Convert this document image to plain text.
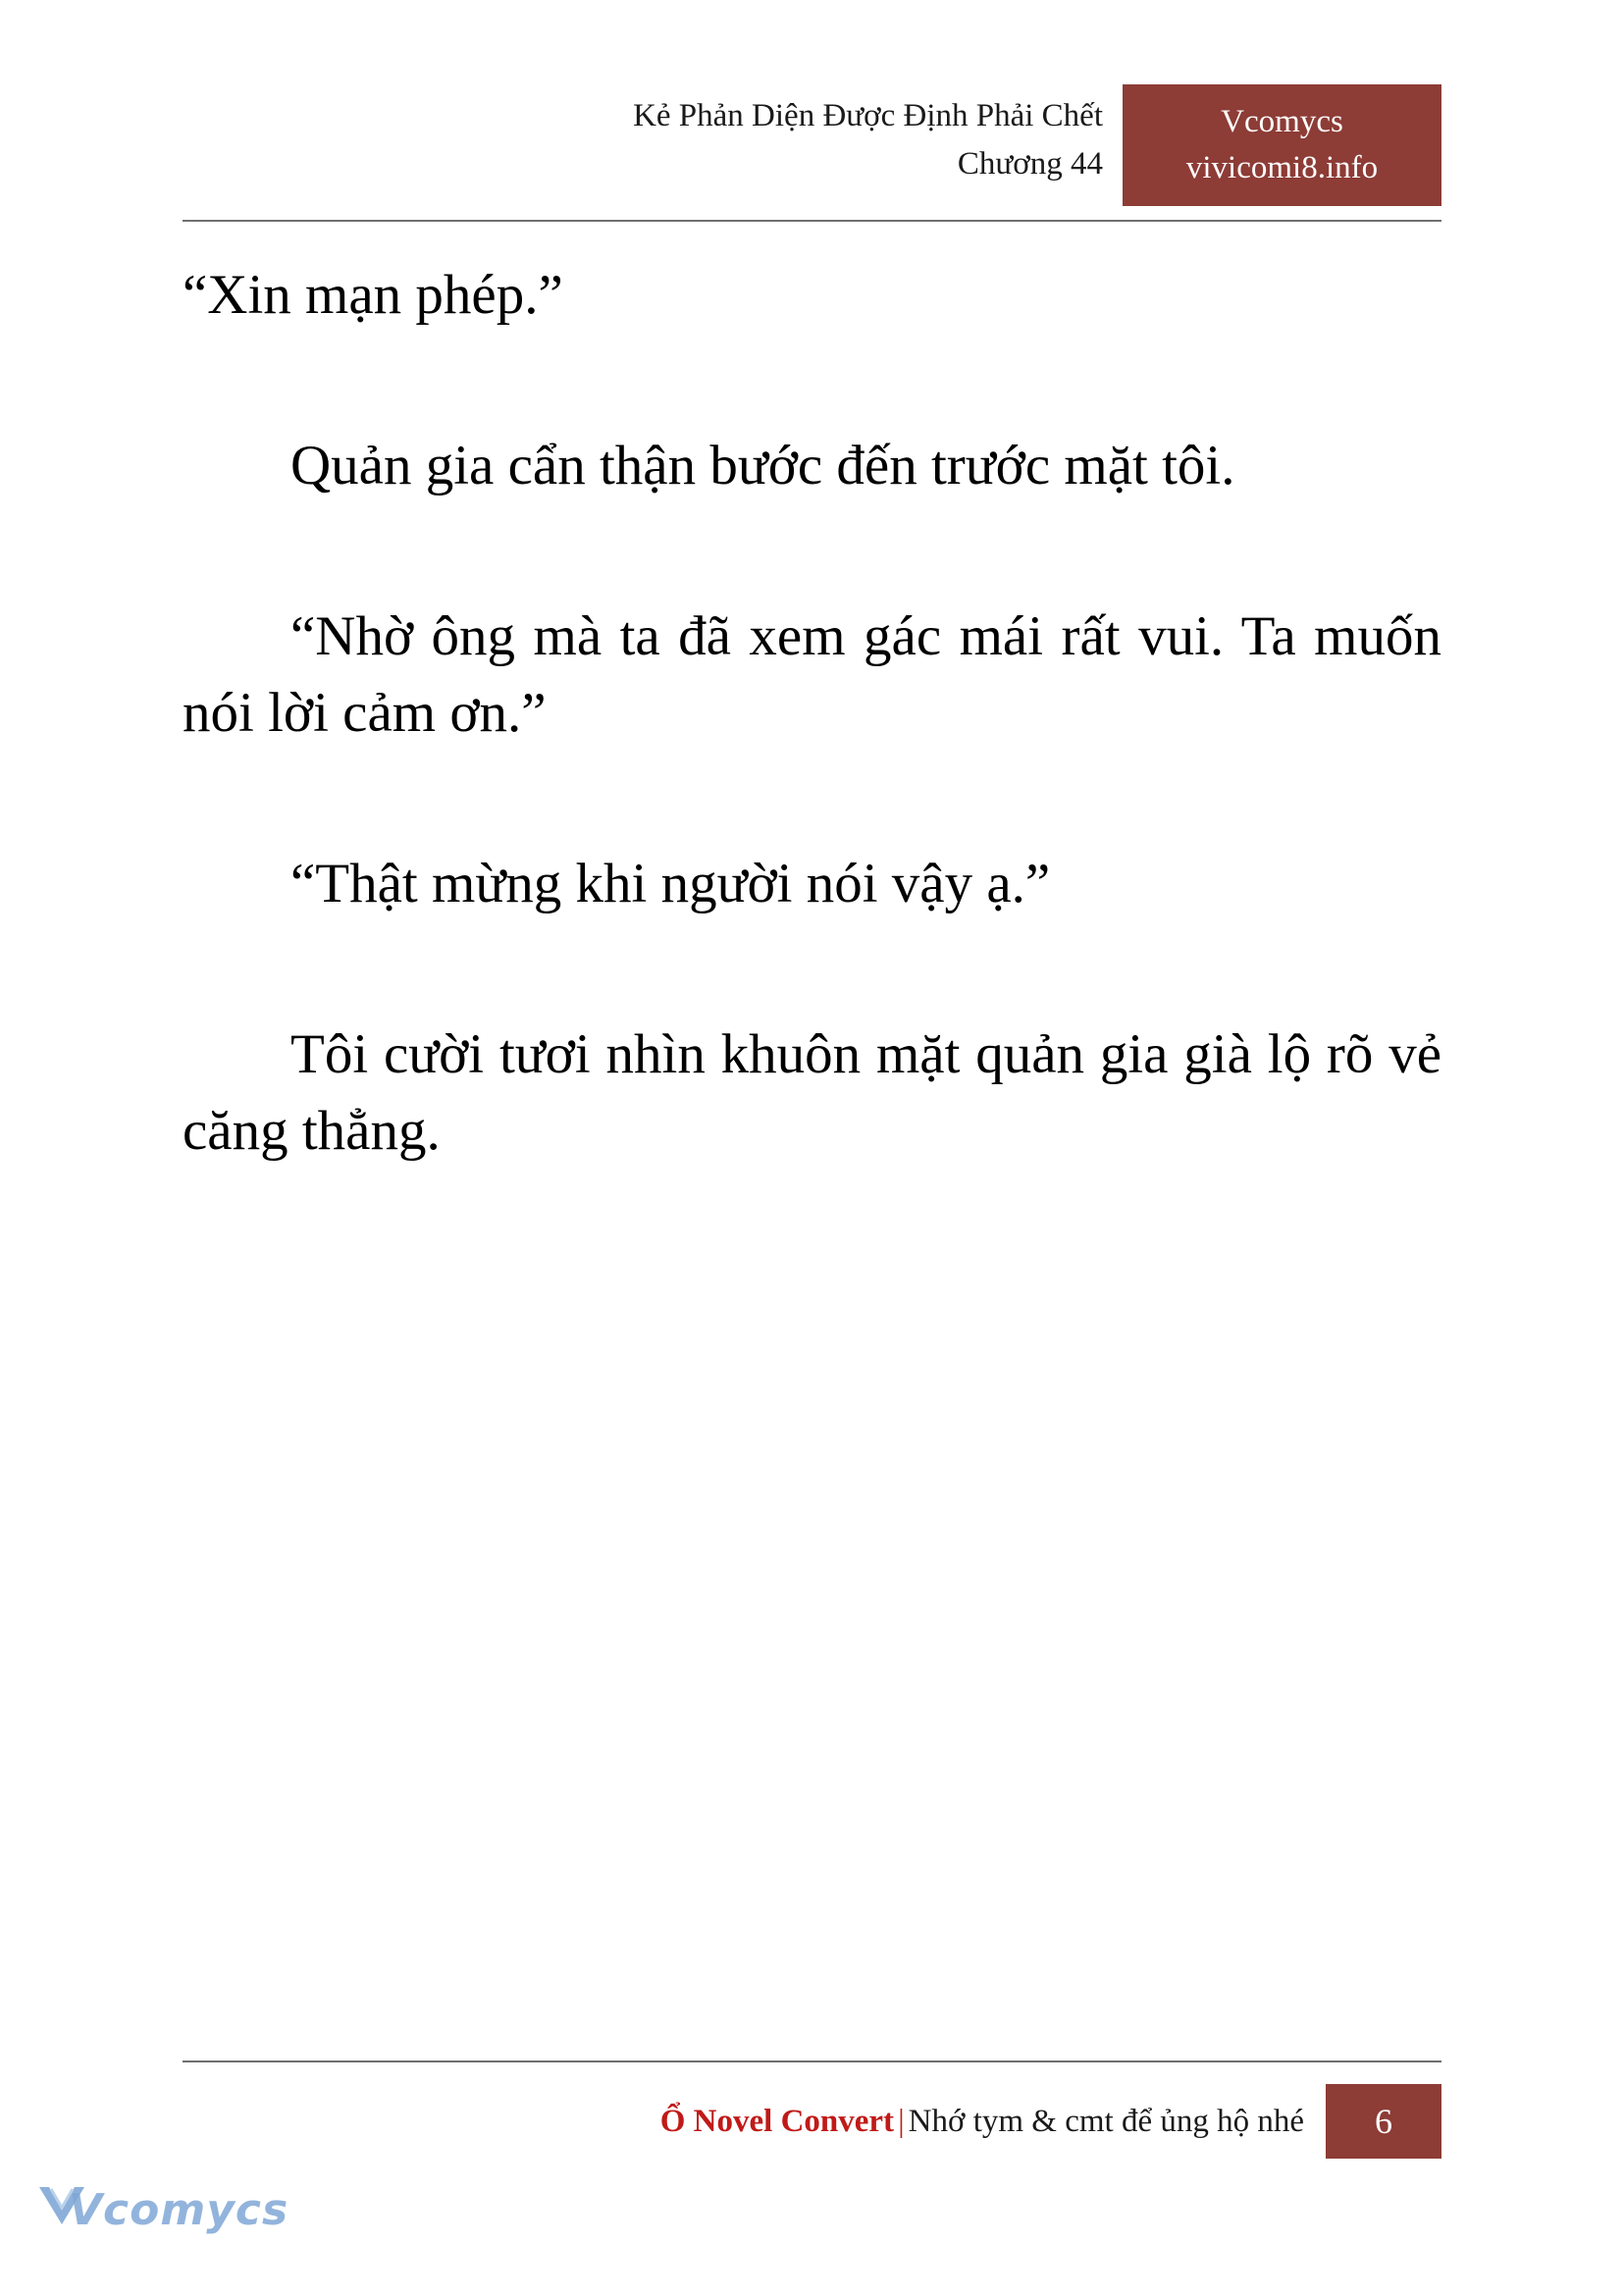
Kẻ Phản Diện Được Định Phải Chết
Chương 44
Vcomycs
vivicomi8.info

“Xin mạn phép.”

Quản gia cẩn thận bước đến trước mặt tôi.

“Nhờ ông mà ta đã xem gác mái rất vui. Ta muốn nói lời cảm ơn.”

“Thật mừng khi người nói vậy ạ.”

Tôi cười tươi nhìn khuôn mặt quản gia già lộ rõ vẻ căng thẳng.

Ổ Novel Convert | Nhớ tym & cmt để ủng hộ nhé	6
Vcomycs
